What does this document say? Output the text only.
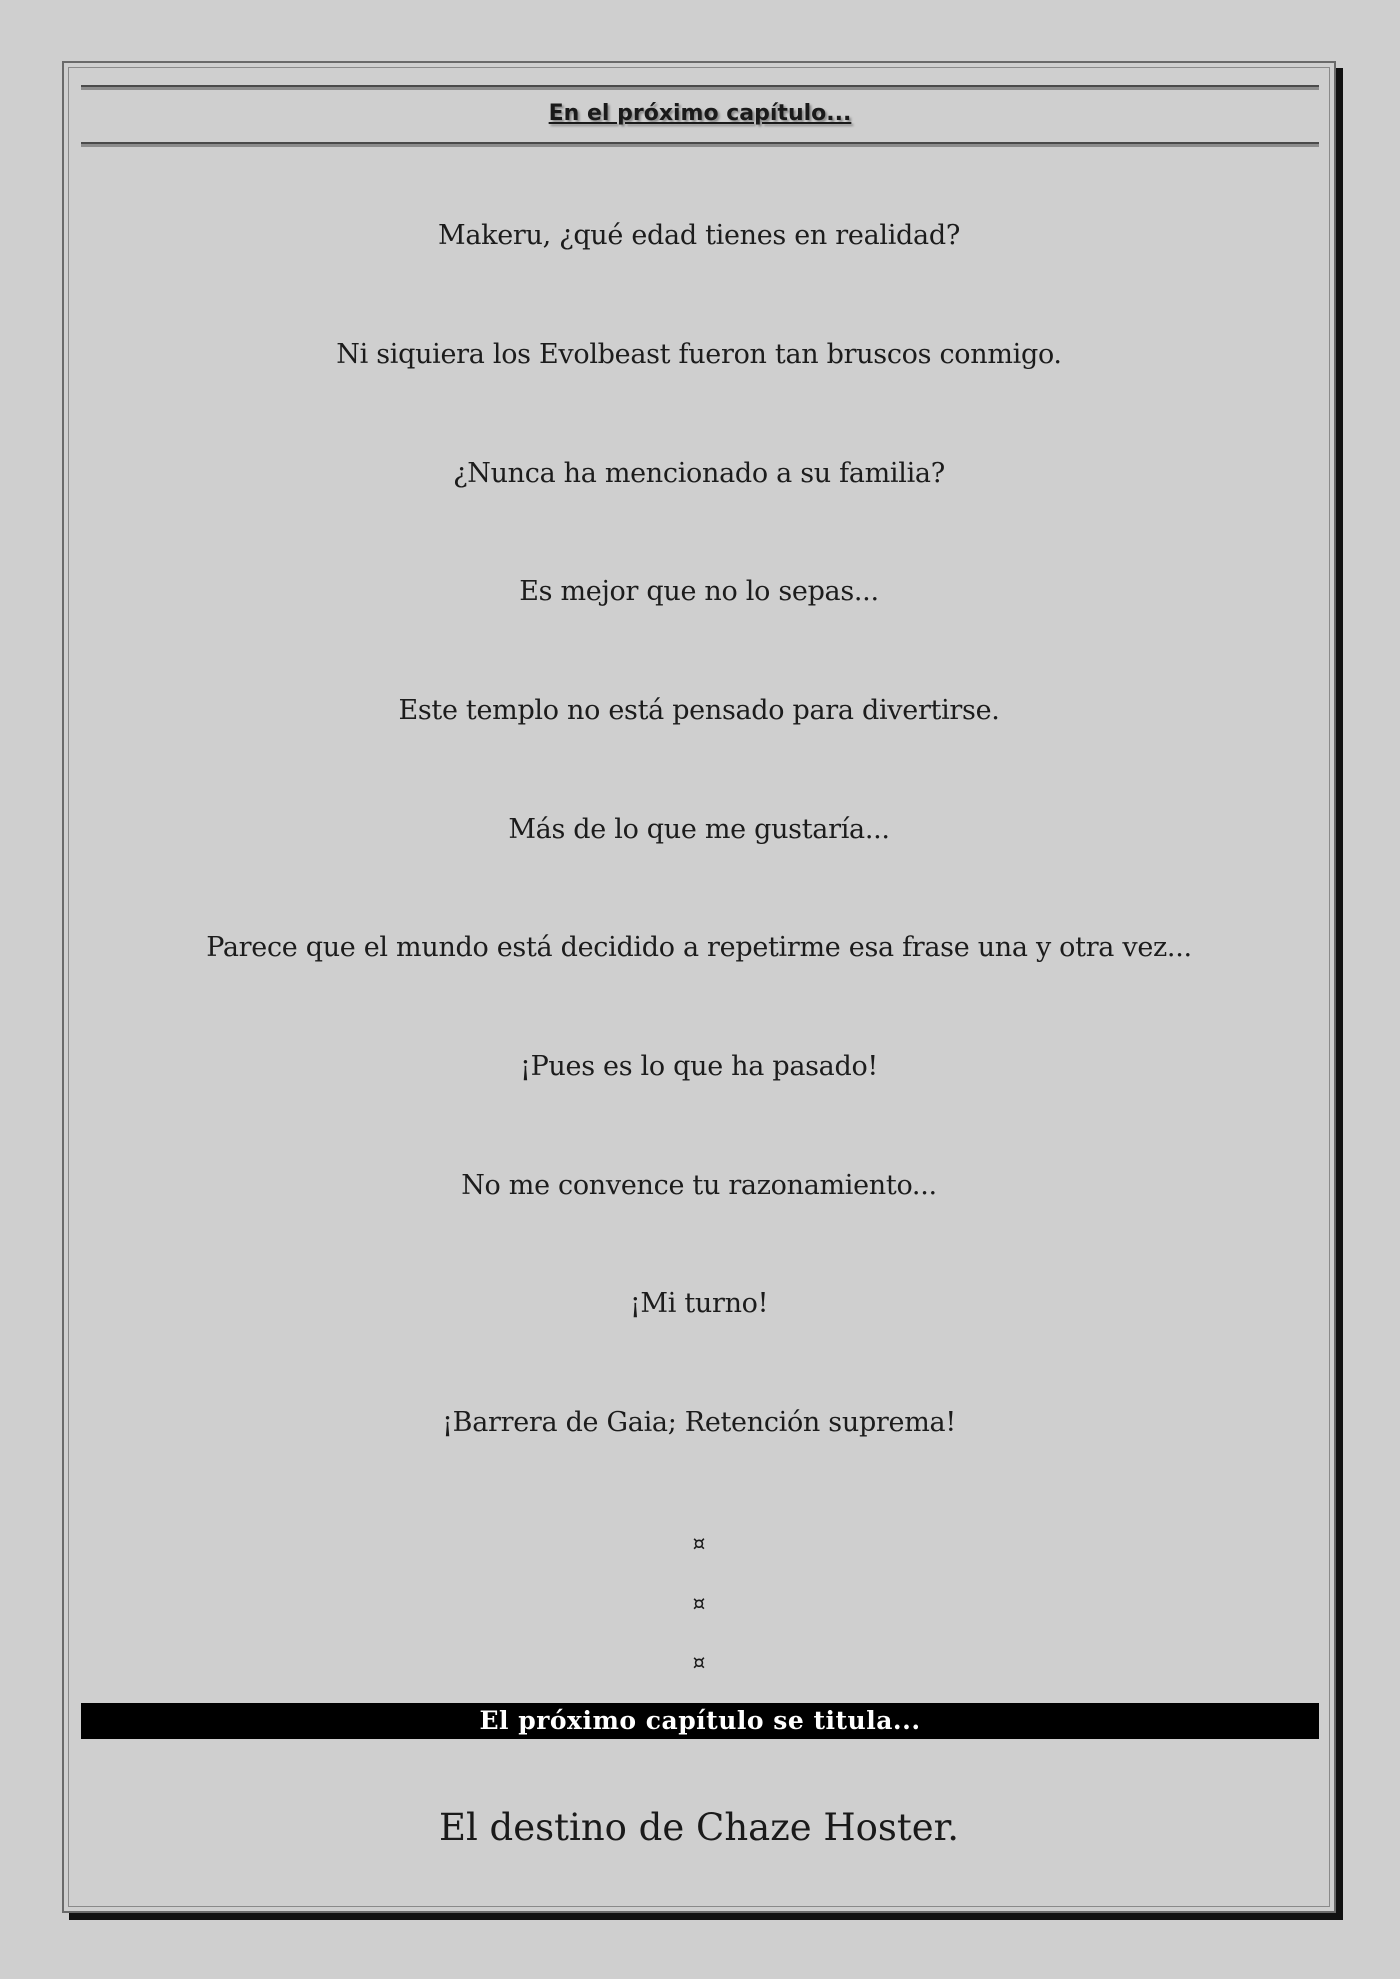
En el próximo capítulo...
Makeru, ¿qué edad tienes en realidad?
Ni siquiera los Evolbeast fueron tan bruscos conmigo.
¿Nunca ha mencionado a su familia?
Es mejor que no lo sepas...
Este templo no está pensado para divertirse.
Más de lo que me gustaría...
Parece que el mundo está decidido a repetirme esa frase una y otra vez...
¡Pues es lo que ha pasado!
No me convence tu razonamiento...
¡Mi turno!
¡Barrera de Gaia; Retención suprema!
¤
¤
¤
El próximo capítulo se titula...
El destino de Chaze Hoster.
